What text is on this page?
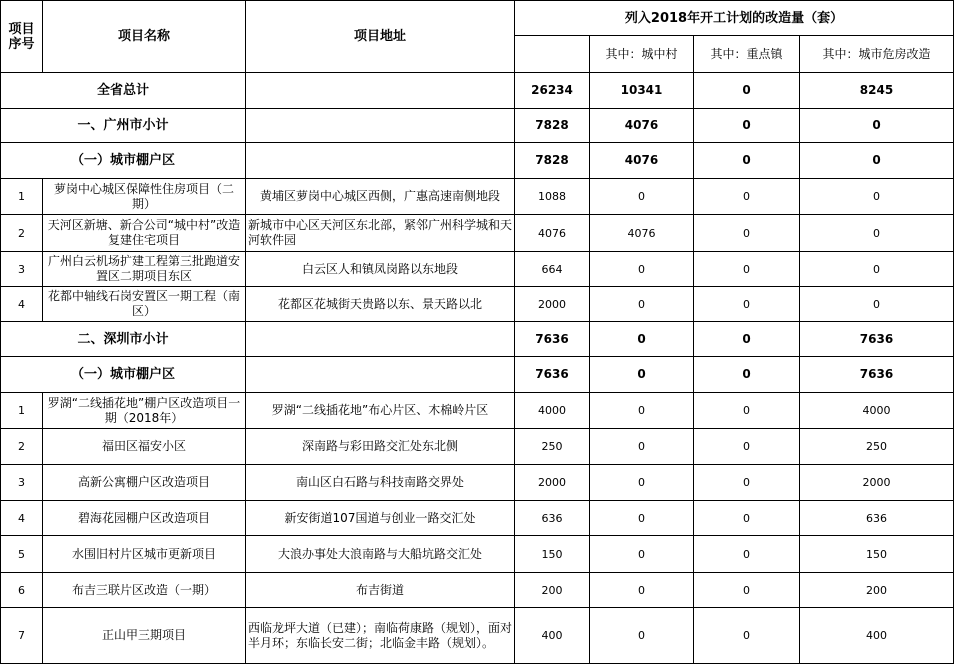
项目序号	项目名称	项目地址	列入2018年开工计划的改造量（套）			
				其中：城中村	其中：重点镇	其中：城市危房改造
全省总计			26234	10341	0	8245
一、广州市小计			7828	4076	0	0
（一）城市棚户区			7828	4076	0	0
1	萝岗中心城区保障性住房项目（二期）	黄埔区萝岗中心城区西侧，广惠高速南侧地段	1088	0	0	0
2	天河区新塘、新合公司“城中村”改造复建住宅项目	新城市中心区天河区东北部，紧邻广州科学城和天河软件园	4076	4076	0	0
3	广州白云机场扩建工程第三批跑道安置区二期项目东区	白云区人和镇凤岗路以东地段	664	0	0	0
4	花都中轴线石岗安置区一期工程（南区）	花都区花城街天贵路以东、景天路以北	2000	0	0	0
二、深圳市小计			7636	0	0	7636
（一）城市棚户区			7636	0	0	7636
1	罗湖“二线插花地”棚户区改造项目一期（2018年）	罗湖“二线插花地”布心片区、木棉岭片区	4000	0	0	4000
2	福田区福安小区	深南路与彩田路交汇处东北侧	250	0	0	250
3	高新公寓棚户区改造项目	南山区白石路与科技南路交界处	2000	0	0	2000
4	碧海花园棚户区改造项目	新安街道107国道与创业一路交汇处	636	0	0	636
5	水围旧村片区城市更新项目	大浪办事处大浪南路与大船坑路交汇处	150	0	0	150
6	布吉三联片区改造（一期）	布吉街道	200	0	0	200
7	正山甲三期项目	西临龙坪大道（已建）；南临荷康路（规划），面对半月环；东临长安二街；北临金丰路（规划）。	400	0	0	400
